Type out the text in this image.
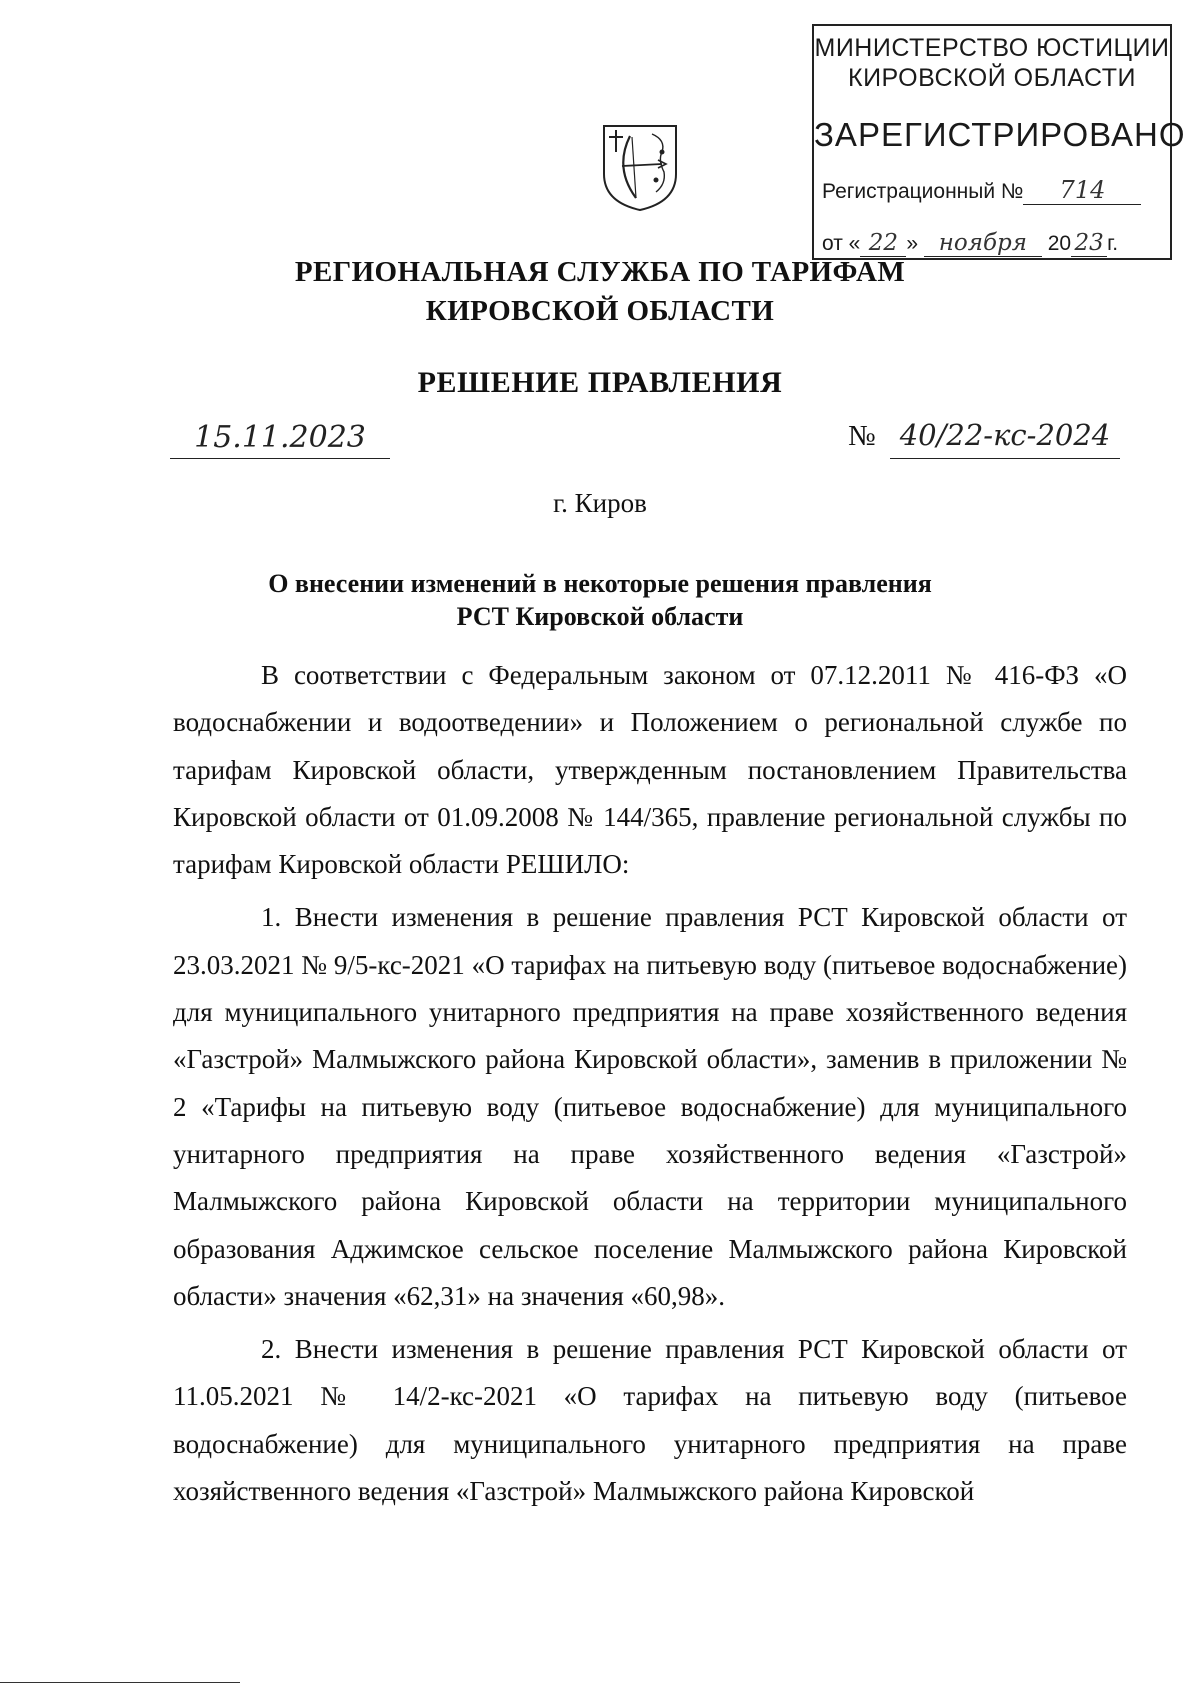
МИНИСТЕРСТВО ЮСТИЦИИ
КИРОВСКОЙ ОБЛАСТИ
ЗАРЕГИСТРИРОВАНО
Регистрационный № 714
от « 22 » ноября 20 23 г.
РЕГИОНАЛЬНАЯ СЛУЖБА ПО ТАРИФАМ
КИРОВСКОЙ ОБЛАСТИ
РЕШЕНИЕ ПРАВЛЕНИЯ
15.11.2023	№ 40/22-кс-2024
г. Киров
О внесении изменений в некоторые решения правления
РСТ Кировской области

В соответствии с Федеральным законом от 07.12.2011 № 416-ФЗ «О водоснабжении и водоотведении» и Положением о региональной службе по тарифам Кировской области, утвержденным постановлением Правительства Кировской области от 01.09.2008 № 144/365, правление региональной службы по тарифам Кировской области РЕШИЛО:

1. Внести изменения в решение правления РСТ Кировской области от 23.03.2021 № 9/5-кс-2021 «О тарифах на питьевую воду (питьевое водоснабжение) для муниципального унитарного предприятия на праве хозяйственного ведения «Газстрой» Малмыжского района Кировской области», заменив в приложении № 2 «Тарифы на питьевую воду (питьевое водоснабжение) для муниципального унитарного предприятия на праве хозяйственного ведения «Газстрой» Малмыжского района Кировской области на территории муниципального образования Аджимское сельское поселение Малмыжского района Кировской области» значения «62,31» на значения «60,98».

2. Внести изменения в решение правления РСТ Кировской области от 11.05.2021 № 14/2-кс-2021 «О тарифах на питьевую воду (питьевое водоснабжение) для муниципального унитарного предприятия на праве хозяйственного ведения «Газстрой» Малмыжского района Кировской
